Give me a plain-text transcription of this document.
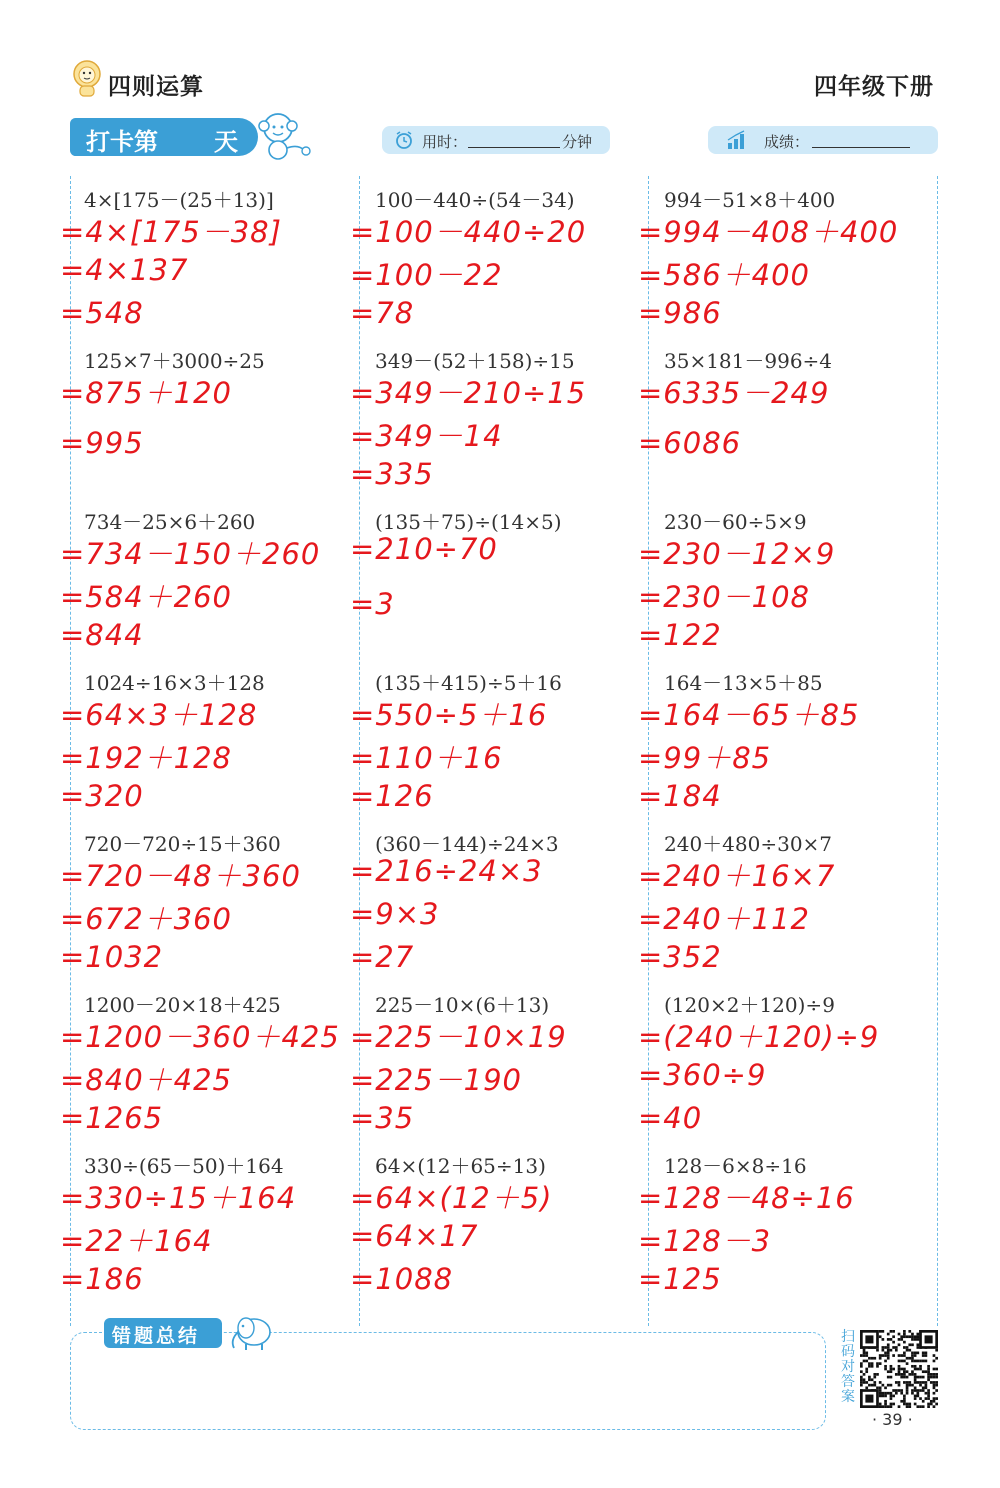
四则运算	四年级下册
打卡第 天	用时：	分钟	成绩：
4×[175－(25＋13)]
=4×[175－38]
=4×137
=548
125×7＋3000÷25
=875＋120
=995
734－25×6＋260
=734－150＋260
=584＋260
=844
1024÷16×3＋128
=64×3＋128
=192＋128
=320
720－720÷15＋360
=720－48＋360
=672＋360
=1032
1200－20×18＋425
=1200－360＋425
=840＋425
=1265
330÷(65－50)＋164
=330÷15＋164
=22＋164
=186
100－440÷(54－34)
=100－440÷20
=100－22
=78
349－(52＋158)÷15
=349－210÷15
=349－14
=335
(135＋75)÷(14×5)
=210÷70
=3
(135＋415)÷5＋16
=550÷5＋16
=110＋16
=126
(360－144)÷24×3
=216÷24×3
=9×3
=27
225－10×(6＋13)
=225－10×19
=225－190
=35
64×(12＋65÷13)
=64×(12＋5)
=64×17
=1088
994－51×8＋400
=994－408＋400
=586＋400
=986
35×181－996÷4
=6335－249
=6086
230－60÷5×9
=230－12×9
=230－108
=122
164－13×5＋85
=164－65＋85
=99＋85
=184
240＋480÷30×7
=240＋16×7
=240＋112
=352
(120×2＋120)÷9
=(240＋120)÷9
=360÷9
=40
128－6×8÷16
=128－48÷16
=128－3
=125
错题总结	扫码对答案
· 39 ·
